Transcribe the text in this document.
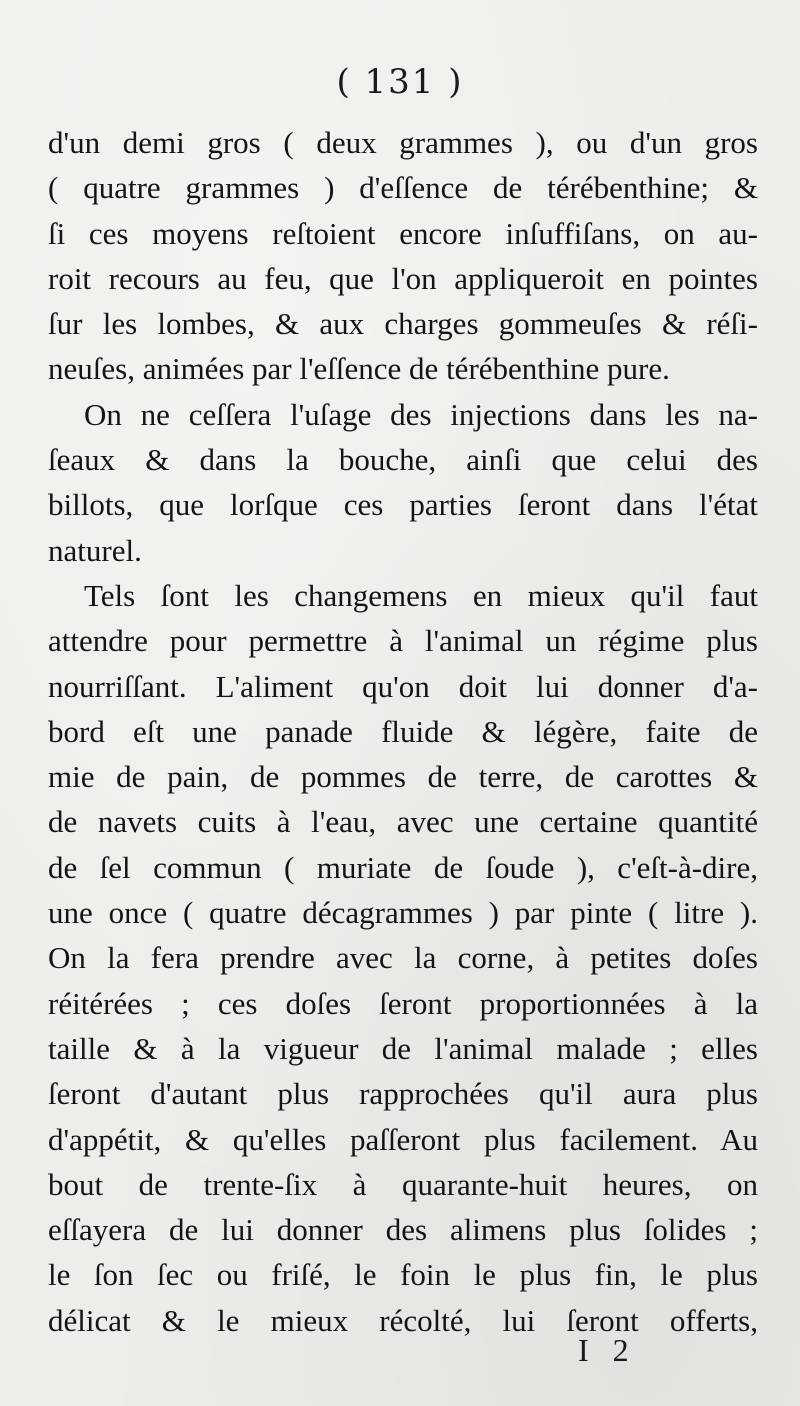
( 131 )
d'un demi gros ( deux grammes ), ou d'un gros
( quatre grammes ) d'eſſence de térébenthine; &
ſi ces moyens reſtoient encore inſuffiſans, on au-
roit recours au feu, que l'on appliqueroit en pointes
ſur les lombes, & aux charges gommeuſes & réſi-
neuſes, animées par l'eſſence de térébenthine pure.
On ne ceſſera l'uſage des injections dans les na-
ſeaux & dans la bouche, ainſi que celui des
billots, que lorſque ces parties ſeront dans l'état
naturel.
Tels ſont les changemens en mieux qu'il faut
attendre pour permettre à l'animal un régime plus
nourriſſant. L'aliment qu'on doit lui donner d'a-
bord eſt une panade fluide & légère, faite de
mie de pain, de pommes de terre, de carottes &
de navets cuits à l'eau, avec une certaine quantité
de ſel commun ( muriate de ſoude ), c'eſt-à-dire,
une once ( quatre décagrammes ) par pinte ( litre ).
On la fera prendre avec la corne, à petites doſes
réitérées ; ces doſes ſeront proportionnées à la
taille & à la vigueur de l'animal malade ; elles
ſeront d'autant plus rapprochées qu'il aura plus
d'appétit, & qu'elles paſſeront plus facilement. Au
bout de trente-ſix à quarante-huit heures, on
eſſayera de lui donner des alimens plus ſolides ;
le ſon ſec ou friſé, le foin le plus fin, le plus
délicat & le mieux récolté, lui ſeront offerts,
I 2
